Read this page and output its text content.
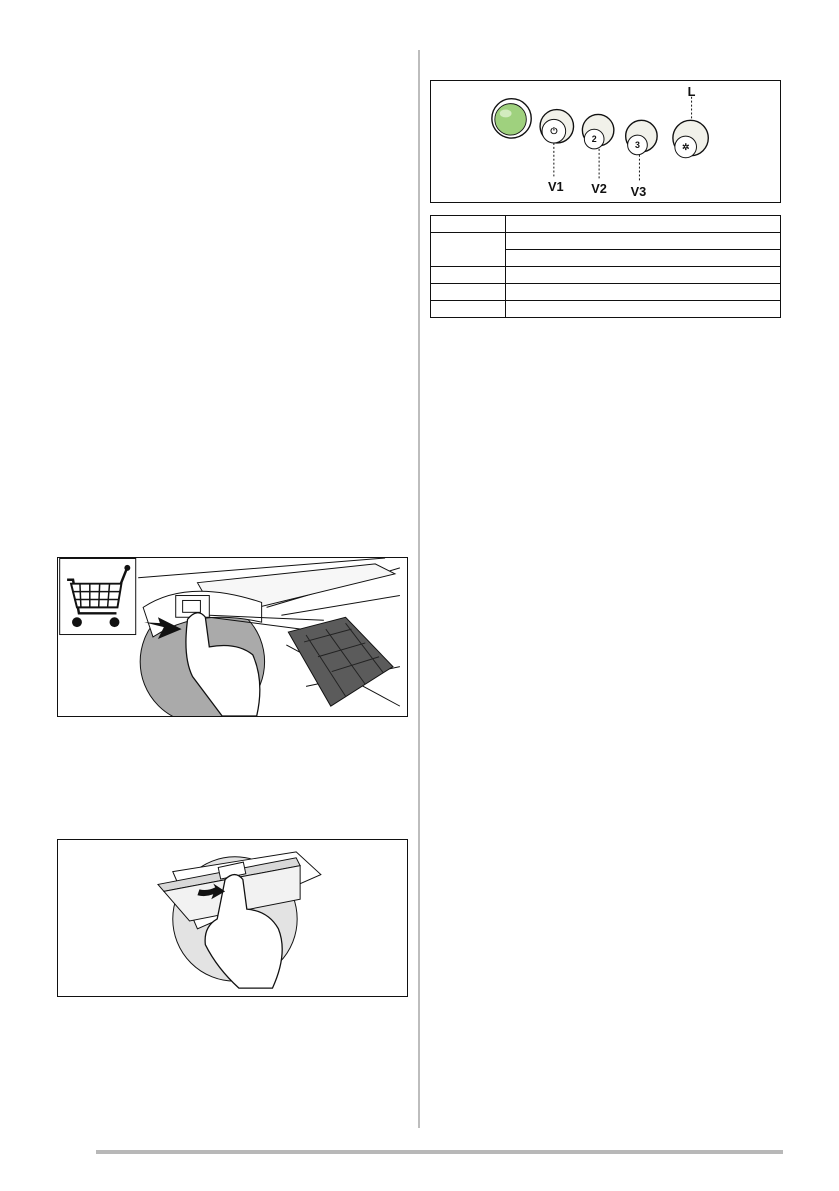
⏻
2
3	✲
V1 V2 V3
L
